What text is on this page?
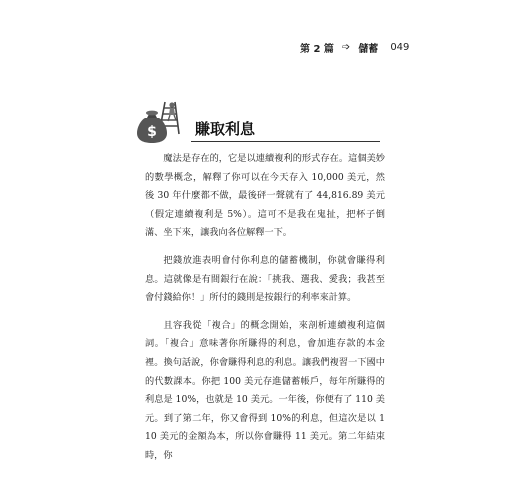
第 2 篇 ➩ 儲蓄 049
$	賺取利息

魔法是存在的，它是以連續複利的形式存在。這個美妙的數學概念，解釋了你可以在今天存入 10,000 美元，然後 30 年什麼都不做，最後砰一聲就有了 44,816.89 美元（假定連續複利是 5%）。這可不是我在鬼扯，把杯子倒滿、坐下來，讓我向各位解釋一下。

把錢放進表明會付你利息的儲蓄機制，你就會賺得利息。這就像是有間銀行在說：「挑我、選我、愛我；我甚至會付錢給你！」所付的錢則是按銀行的利率來計算。

且容我從「複合」的概念開始，來剖析連續複利這個詞。「複合」意味著你所賺得的利息，會加進存款的本金裡。換句話說，你會賺得利息的利息。讓我們複習一下國中的代數課本。你把 100 美元存進儲蓄帳戶，每年所賺得的利息是 10%，也就是 10 美元。一年後，你便有了 110 美元。到了第二年，你又會得到 10%的利息，但這次是以 110 美元的金額為本，所以你會賺得 11 美元。第二年結束時，你
